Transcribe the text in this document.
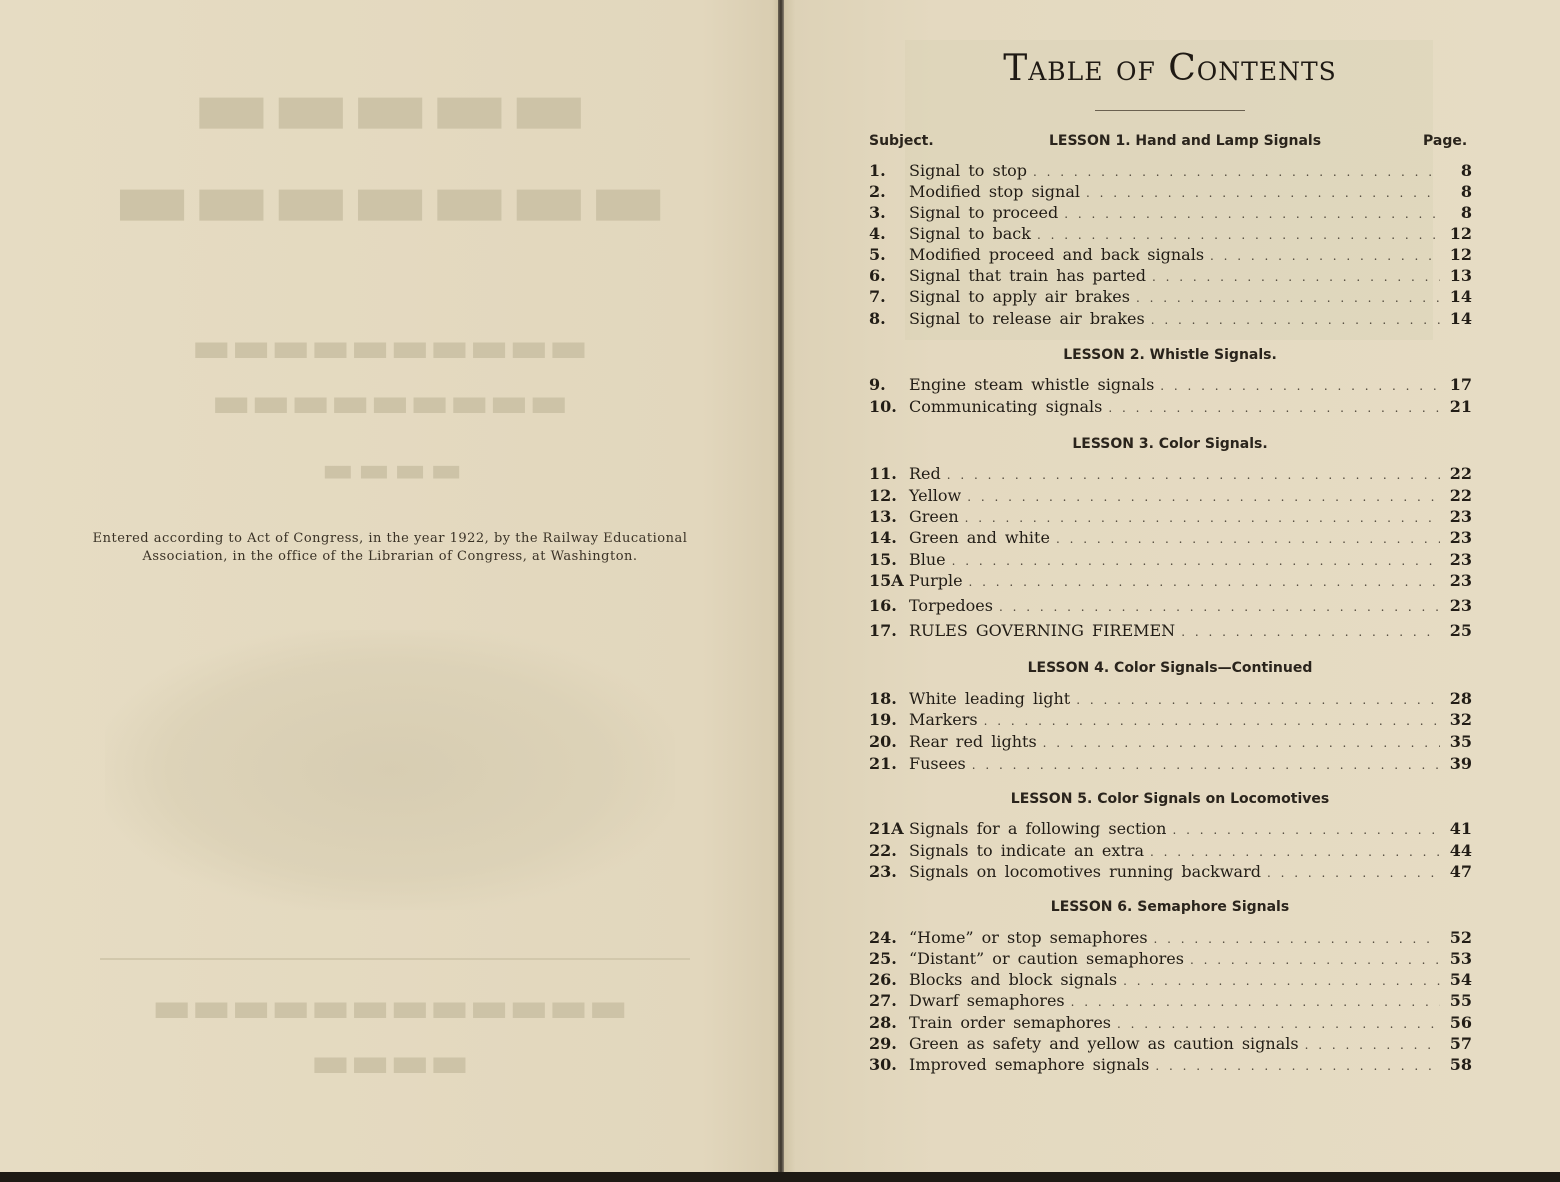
▬▬▬▬▬
▬▬▬▬▬▬▬
▬▬▬▬▬▬▬▬▬▬
▬▬▬▬▬▬▬▬▬
▬▬▬▬
▬▬▬▬▬▬▬▬▬▬▬▬
▬▬▬▬
Entered according to Act of Congress, in the year 1922, by the Railway Educational Association, in the office of the Librarian of Congress, at Washington.
Table of Contents
Subject.	Page.
LESSON 1. Hand and Lamp Signals
LESSON 2. Whistle Signals.
LESSON 3. Color Signals.
LESSON 4. Color Signals—Continued
LESSON 5. Color Signals on Locomotives
LESSON 6. Semaphore Signals
1.	Signal to stop . . .	8
2.	Modified stop signal . . .	8
3.	Signal to proceed . . .	8
4.	Signal to back . . .	12
5.	Modified proceed and back signals . . .	12
6.	Signal that train has parted . . .	13
7.	Signal to apply air brakes . . .	14
8.	Signal to release air brakes . . .	14
9.	Engine steam whistle signals . . .	17
10. Communicating signals . . .	21
11. Red . . .	22
12. Yellow . . .	22
13. Green . . .	23
14. Green and white . . .	23
15. Blue . . .	23
15A Purple . . .	23
16. Torpedoes . . .	23
17. RULES GOVERNING FIREMEN . . .	25
18. White leading light . . .	28
19. Markers . . .	32
20. Rear red lights . . .	35
21. Fusees . . .	39
21A Signals for a following section . . .	41
22. Signals to indicate an extra . . .	44
23. Signals on locomotives running backward . . .	47
24. “Home” or stop semaphores . . .	52
25. “Distant” or caution semaphores . . .	53
26. Blocks and block signals . . .	54
27. Dwarf semaphores . . .	55
28. Train order semaphores . . .	56
29. Green as safety and yellow as caution signals . . .	57
30. Improved semaphore signals . . .	58
